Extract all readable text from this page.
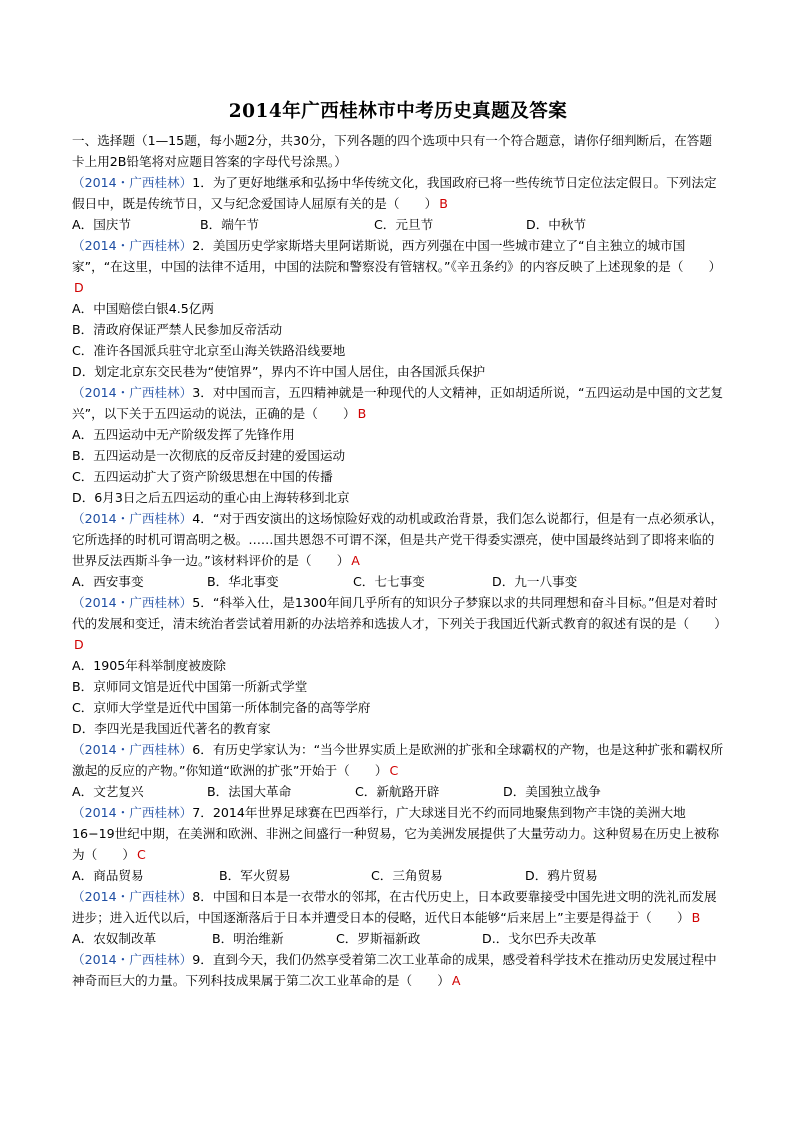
2014年广西桂林市中考历史真题及答案

一、选择题（1—15题，每小题2分，共30分，下列各题的四个选项中只有一个符合题意，请你仔细判断后，在答题卡上用2B铅笔将对应题目答案的字母代号涂黑。）

（2014・广西桂林）1．为了更好地继承和弘扬中华传统文化，我国政府已将一些传统节日定位法定假日。下列法定假日中，既是传统节日，又与纪念爱国诗人屈原有关的是（　　） B

A．国庆节	B．端午节	C．元旦节	D．中秋节

（2014・广西桂林）2．美国历史学家斯塔夫里阿诺斯说，西方列强在中国一些城市建立了“自主独立的城市国家”，“在这里，中国的法律不适用，中国的法院和警察没有管辖权。”《辛丑条约》的内容反映了上述现象的是（　　）D

A．中国赔偿白银4.5亿两

B．清政府保证严禁人民参加反帝活动

C．准许各国派兵驻守北京至山海关铁路沿线要地

D．划定北京东交民巷为“使馆界”，界内不许中国人居住，由各国派兵保护

（2014・广西桂林）3．对中国而言，五四精神就是一种现代的人文精神，正如胡适所说，“五四运动是中国的文艺复兴”，以下关于五四运动的说法，正确的是（　　） B

A．五四运动中无产阶级发挥了先锋作用

B．五四运动是一次彻底的反帝反封建的爱国运动

C．五四运动扩大了资产阶级思想在中国的传播

D．6月3日之后五四运动的重心由上海转移到北京

（2014・广西桂林）4．“对于西安演出的这场惊险好戏的动机或政治背景，我们怎么说都行，但是有一点必须承认，它所选择的时机可谓高明之极。……国共恩怨不可谓不深，但是共产党干得委实漂亮，使中国最终站到了即将来临的世界反法西斯斗争一边。”该材料评价的是（　　） A

A．西安事变	B．华北事变	C．七七事变	D．九一八事变

（2014・广西桂林）5．“科举入仕，是1300年间几乎所有的知识分子梦寐以求的共同理想和奋斗目标。”但是对着时代的发展和变迁，清末统治者尝试着用新的办法培养和选拔人才，下列关于我国近代新式教育的叙述有误的是（　　）D

A．1905年科举制度被废除

B．京师同文馆是近代中国第一所新式学堂

C．京师大学堂是近代中国第一所体制完备的高等学府

D．李四光是我国近代著名的教育家

（2014・广西桂林）6．有历史学家认为：“当今世界实质上是欧洲的扩张和全球霸权的产物，也是这种扩张和霸权所激起的反应的产物。”你知道“欧洲的扩张”开始于（　　） C

A．文艺复兴	B．法国大革命	C．新航路开辟	D．美国独立战争

（2014・广西桂林）7．2014年世界足球赛在巴西举行，广大球迷目光不约而同地聚焦到物产丰饶的美洲大地16−19世纪中期，在美洲和欧洲、非洲之间盛行一种贸易，它为美洲发展提供了大量劳动力。这种贸易在历史上被称为（　　） C

A．商品贸易	B．军火贸易	C．三角贸易	D．鸦片贸易

（2014・广西桂林）8．中国和日本是一衣带水的邻邦，在古代历史上，日本政要靠接受中国先进文明的洗礼而发展进步；进入近代以后，中国逐渐落后于日本并遭受日本的侵略，近代日本能够“后来居上”主要是得益于（　　） B

A．农奴制改革	B．明治维新	C．罗斯福新政	D.．戈尔巴乔夫改革

（2014・广西桂林）9．直到今天，我们仍然享受着第二次工业革命的成果，感受着科学技术在推动历史发展过程中神奇而巨大的力量。下列科技成果属于第二次工业革命的是（　　） A
